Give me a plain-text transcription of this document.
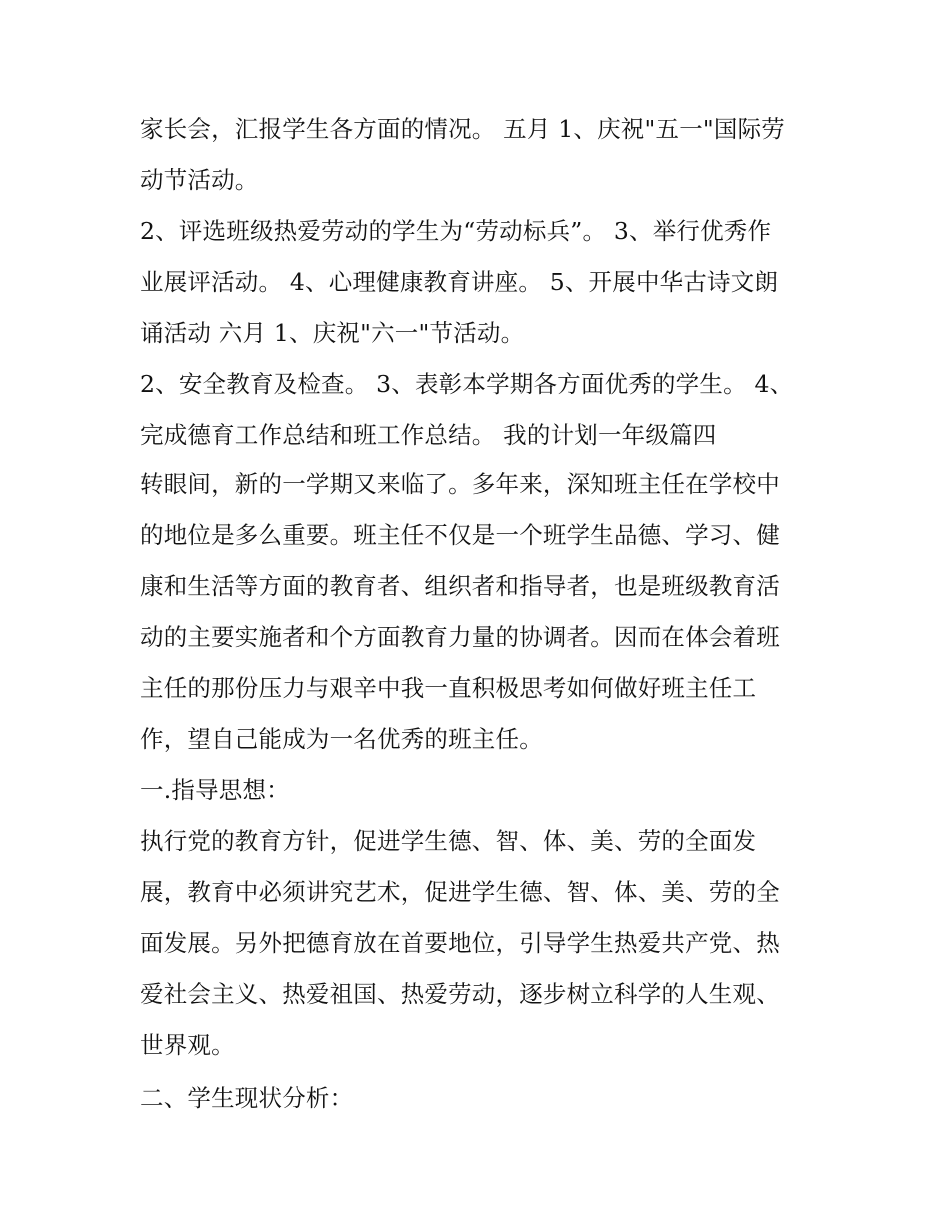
家长会，汇报学生各方面的情况。 五月 1、庆祝"五一"国际劳
动节活动。
2、评选班级热爱劳动的学生为“劳动标兵”。 3、举行优秀作
业展评活动。 4、心理健康教育讲座。 5、开展中华古诗文朗
诵活动 六月 1、庆祝"六一"节活动。
2、安全教育及检查。 3、表彰本学期各方面优秀的学生。 4、
完成德育工作总结和班工作总结。 我的计划一年级篇四
转眼间，新的一学期又来临了。多年来，深知班主任在学校中
的地位是多么重要。班主任不仅是一个班学生品德、学习、健
康和生活等方面的教育者、组织者和指导者，也是班级教育活
动的主要实施者和个方面教育力量的协调者。因而在体会着班
主任的那份压力与艰辛中我一直积极思考如何做好班主任工
作，望自己能成为一名优秀的班主任。
一.指导思想：
执行党的教育方针，促进学生德、智、体、美、劳的全面发
展，教育中必须讲究艺术，促进学生德、智、体、美、劳的全
面发展。另外把德育放在首要地位，引导学生热爱共产党、热
爱社会主义、热爱祖国、热爱劳动，逐步树立科学的人生观、
世界观。
二、学生现状分析：
